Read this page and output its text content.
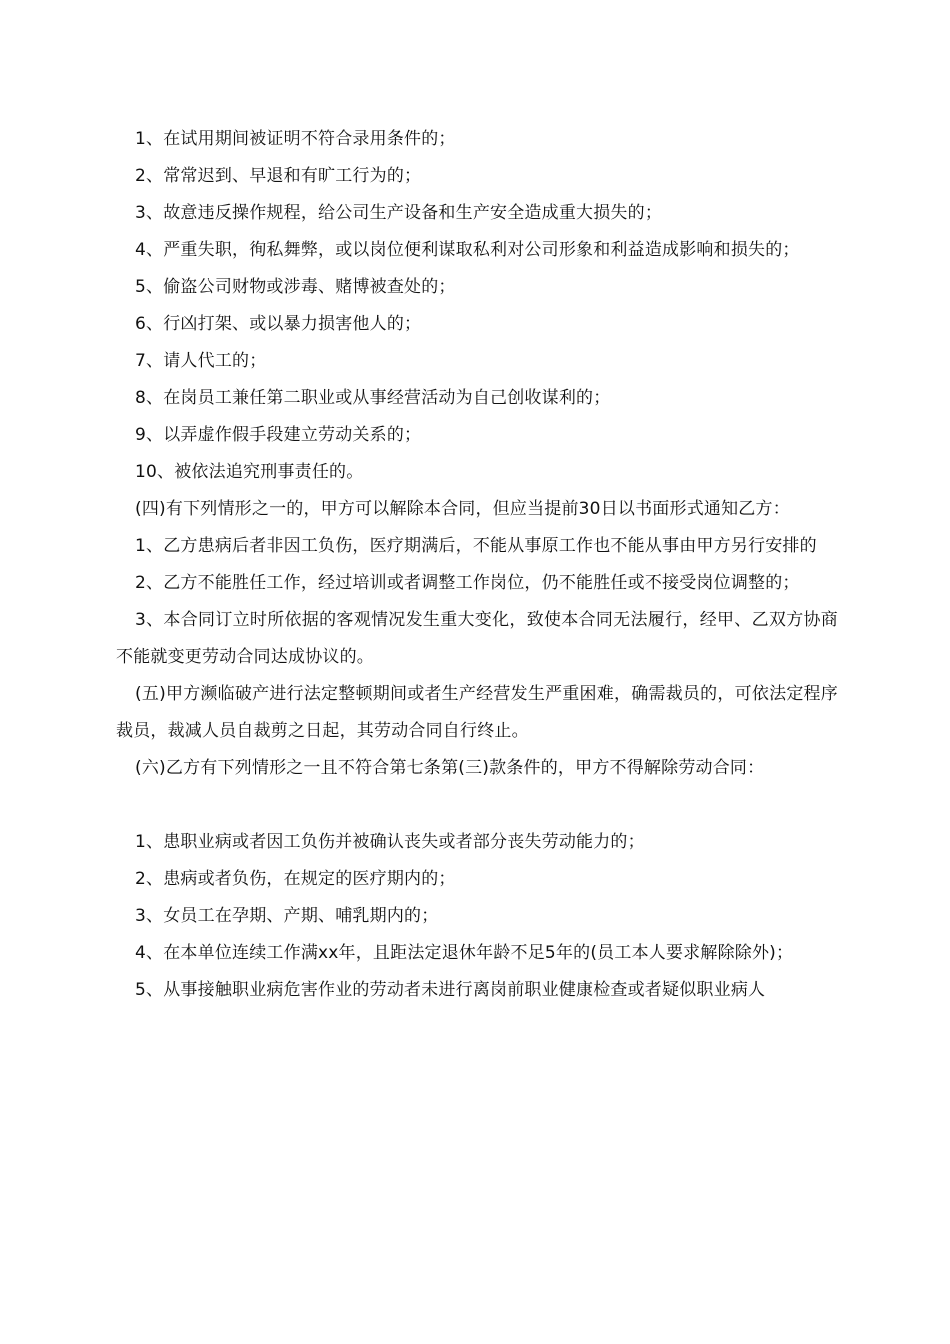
1、在试用期间被证明不符合录用条件的；

2、常常迟到、早退和有旷工行为的；

3、故意违反操作规程，给公司生产设备和生产安全造成重大损失的；

4、严重失职，徇私舞弊，或以岗位便利谋取私利对公司形象和利益造成影响和损失的；

5、偷盗公司财物或涉毒、赌博被查处的；

6、行凶打架、或以暴力损害他人的；

7、请人代工的；

8、在岗员工兼任第二职业或从事经营活动为自己创收谋利的；

9、以弄虚作假手段建立劳动关系的；

10、被依法追究刑事责任的。

(四)有下列情形之一的，甲方可以解除本合同，但应当提前30日以书面形式通知乙方：

1、乙方患病后者非因工负伤，医疗期满后，不能从事原工作也不能从事由甲方另行安排的

2、乙方不能胜任工作，经过培训或者调整工作岗位，仍不能胜任或不接受岗位调整的；

3、本合同订立时所依据的客观情况发生重大变化，致使本合同无法履行，经甲、乙双方协商不能就变更劳动合同达成协议的。

(五)甲方濒临破产进行法定整顿期间或者生产经营发生严重困难，确需裁员的，可依法定程序裁员，裁减人员自裁剪之日起，其劳动合同自行终止。

(六)乙方有下列情形之一且不符合第七条第(三)款条件的，甲方不得解除劳动合同：

1、患职业病或者因工负伤并被确认丧失或者部分丧失劳动能力的；

2、患病或者负伤，在规定的医疗期内的；

3、女员工在孕期、产期、哺乳期内的；

4、在本单位连续工作满xx年，且距法定退休年龄不足5年的(员工本人要求解除除外)；

5、从事接触职业病危害作业的劳动者未进行离岗前职业健康检查或者疑似职业病人
